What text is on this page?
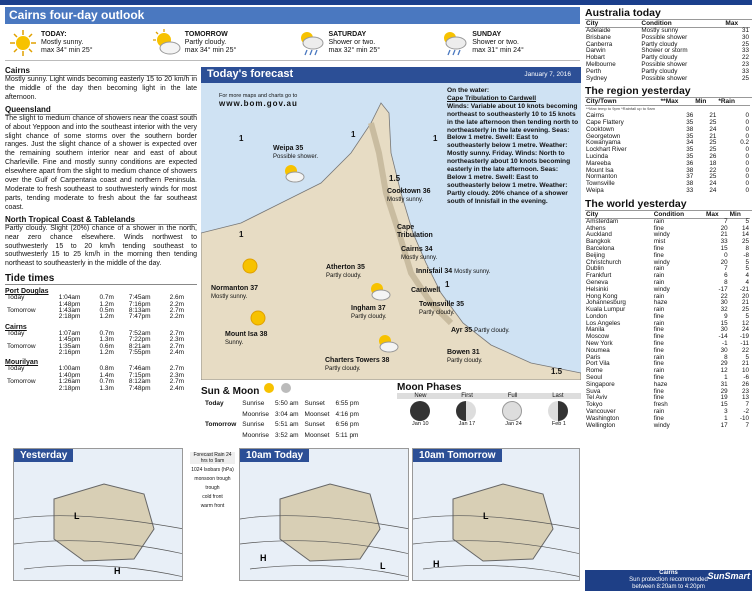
Cairns four-day outlook
TODAY:
Mostly sunny.
max 34° min 25°
TOMORROW
Partly cloudy.
max 34° min 25°
SATURDAY
Shower or two.
max 32° min 25°
SUNDAY
Shower or two.
max 31° min 24°
Cairns
Mostly sunny. Light winds becoming easterly 15 to 20 km/h in the middle of the day then becoming light in the late afternoon.
Queensland
The slight to medium chance of showers near the coast south of about Yeppoon and into the southeast interior with the very slight chance of some storms over the southern border ranges. Just the slight chance of a shower is expected over the remaining southern interior near and east of about Charleville. Fine and mostly sunny conditions are expected elsewhere apart from the slight to medium chance of showers over the Gulf of Carpentaria coast and northern Peninsula. Moderate to fresh southeast to southwesterly winds for most parts, tending moderate to fresh about the far southeast coast.
North Tropical Coast & Tablelands
Partly cloudy. Slight (20%) chance of a shower in the north, near zero chance elsewhere. Winds northwest to southwesterly 15 to 20 km/h tending southeast to southwesterly 15 to 25 km/h in the morning then tending northeast to southeasterly in the middle of the day.
Tide times
Port Douglas
Today	1:04am	0.7m	7:45am	2.6m
	1:48pm	1.2m	7:16pm	2.2m
Tomorrow	1:43am	0.5m	8:13am	2.7m
	2:18pm	1.2m	7:47pm	2.2m
Cairns
Today	1:07am	0.7m	7:52am	2.7m
	1:45pm	1.3m	7:22pm	2.3m
Tomorrow	1:35am	0.6m	8:21am	2.7m
	2:16pm	1.2m	7:55pm	2.4m
Mourilyan
Today	1:00am	0.8m	7:46am	2.7m
	1:40pm	1.4m	7:15pm	2.3m
Tomorrow	1:26am	0.7m	8:12am	2.7m
	2:18pm	1.3m	7:48pm	2.4m
Today's forecast	January 7, 2016
For more maps and charts go to
www.bom.gov.au
On the water:
Cape Tribulation to Cardwell
Winds: Variable about 10 knots becoming northeast to southeasterly 10 to 15 knots in the late afternoon then tending north to northeasterly in the late evening. Seas: Below 1 metre. Swell: East to southeasterly below 1 metre. Weather: Mostly sunny. Friday. Winds: North to northeasterly about 10 knots becoming easterly in the late afternoon. Seas: Below 1 metre. Swell: East to southeasterly below 1 metre. Weather: Partly cloudy. 20% chance of a shower south of Innisfail in the evening.
Weipa 35
Possible shower.
Cooktown 36
Mostly sunny.
Cape Tribulation
Cairns 34
Mostly sunny.
Atherton 35
Partly cloudy.
Innisfail 34 Mostly sunny.
Cardwell
Normanton 37
Mostly sunny.
Ingham 37
Partly cloudy.
Townsville 35
Partly cloudy.
Mount Isa 38
Sunny.
Ayr 35 Partly cloudy.
Charters Towers 38
Partly cloudy.
Bowen 31
Partly cloudy.
1	1
1.5
1
1
1
1.5
Sun & Moon
Today	Sunrise	5:50 am	Sunset	6:55 pm
	Moonrise	3:04 am	Moonset	4:16 pm
Tomorrow	Sunrise	5:51 am	Sunset	6:56 pm
	Moonrise	3:52 am	Moonset	5:11 pm
Moon Phases
New	First	Full	Last
Jan 10	Jan 17	Jan 24	Feb 1
L
H
Yesterday	Forecast Rain 24 hrs to 9am
1024 Isobars (hPa)
monsoon trough
trough
cold front
warm front
H
L
10am Today
H
L
10am Tomorrow
Australia today
City	Condition	Max
Adelaide	Mostly sunny	31
Brisbane	Possible shower	30
Canberra	Partly cloudy	25
Darwin	Shower or storm	33
Hobart	Partly cloudy	22
Melbourne	Possible shower	23
Perth	Partly cloudy	33
Sydney	Possible shower	25
The region yesterday
City/Town	**Max	Min	*Rain
**Max temp to 9pm *Rainfall up to 9am			
Cairns	36	21	0
Cape Flattery	35	25	0
Cooktown	38	24	0
Georgetown	35	21	0
Kowanyama	34	25	0.2
Lockhart River	35	25	0
Lucinda	35	26	0
Mareeba	36	18	0
Mount Isa	38	22	0
Normanton	37	25	0
Townsville	38	24	0
Weipa	33	24	0
The world yesterday
City	Condition	Max	Min
Amsterdam	rain	7	5
Athens	fine	20	14
Auckland	windy	21	14
Bangkok	mist	33	25
Barcelona	fine	15	8
Beijing	fine	0	-8
Christchurch	windy	20	5
Dublin	rain	7	5
Frankfurt	rain	6	4
Geneva	rain	8	4
Helsinki	windy	-17	-21
Hong Kong	rain	22	20
Johannesburg	haze	30	21
Kuala Lumpur	rain	32	25
London	fine	9	5
Los Angeles	rain	15	12
Manila	fine	30	24
Moscow	fine	-14	-19
New York	fine	-1	-11
Noumea	fine	30	22
Paris	rain	8	5
Port Vila	fine	29	21
Rome	rain	12	10
Seoul	fine	1	-6
Singapore	haze	31	26
Suva	fine	29	23
Tel Aviv	fine	19	13
Tokyo	fresh	15	7
Vancouver	rain	3	-2
Washington	fine	1	-10
Wellington	windy	17	7
Cairns
Sun protection recommended
between 8:20am to 4:20pm
SunSmart
